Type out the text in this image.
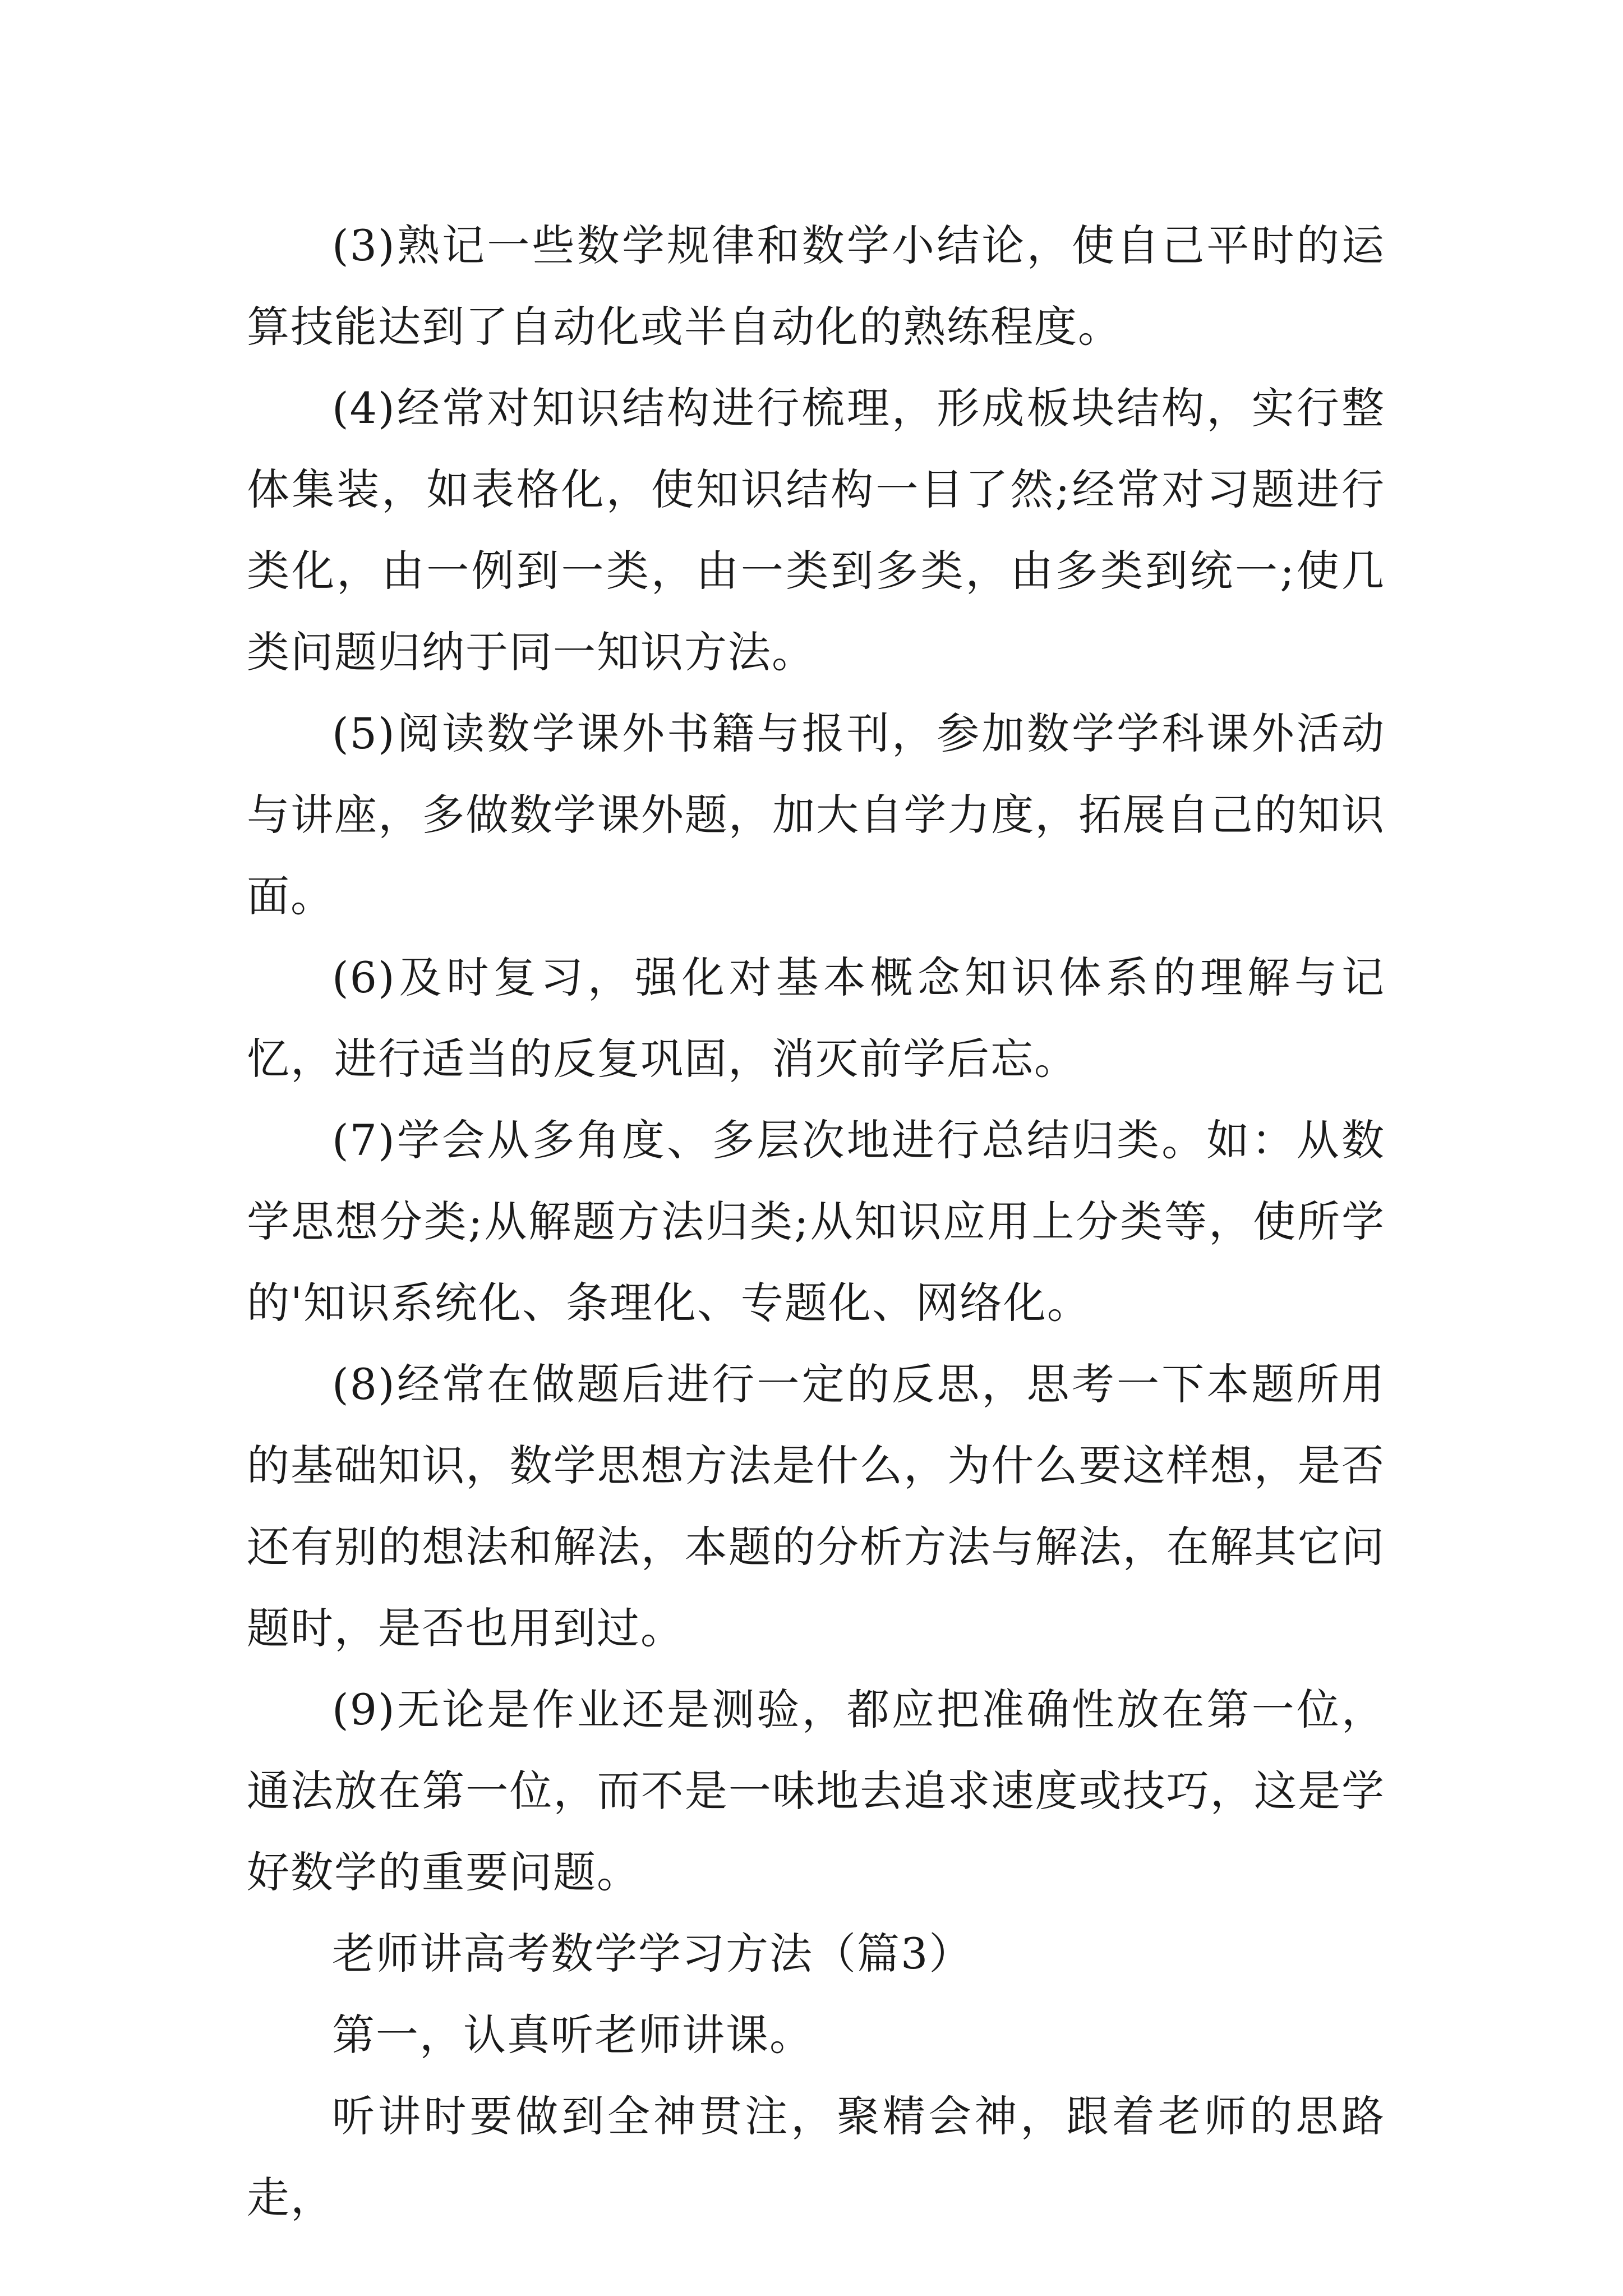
(3)熟记一些数学规律和数学小结论，使自己平时的运算技能达到了自动化或半自动化的熟练程度。

(4)经常对知识结构进行梳理，形成板块结构，实行整体集装，如表格化，使知识结构一目了然;经常对习题进行类化，由一例到一类，由一类到多类，由多类到统一;使几类问题归纳于同一知识方法。

(5)阅读数学课外书籍与报刊，参加数学学科课外活动与讲座，多做数学课外题，加大自学力度，拓展自己的知识面。

(6)及时复习，强化对基本概念知识体系的理解与记忆，进行适当的反复巩固，消灭前学后忘。

(7)学会从多角度、多层次地进行总结归类。如：从数学思想分类;从解题方法归类;从知识应用上分类等，使所学的'知识系统化、条理化、专题化、网络化。

(8)经常在做题后进行一定的反思，思考一下本题所用的基础知识，数学思想方法是什么，为什么要这样想，是否还有别的想法和解法，本题的分析方法与解法，在解其它问题时，是否也用到过。

(9)无论是作业还是测验，都应把准确性放在第一位，通法放在第一位，而不是一味地去追求速度或技巧，这是学好数学的重要问题。

老师讲高考数学学习方法（篇3）

第一，认真听老师讲课。

听讲时要做到全神贯注，聚精会神，跟着老师的思路走，
